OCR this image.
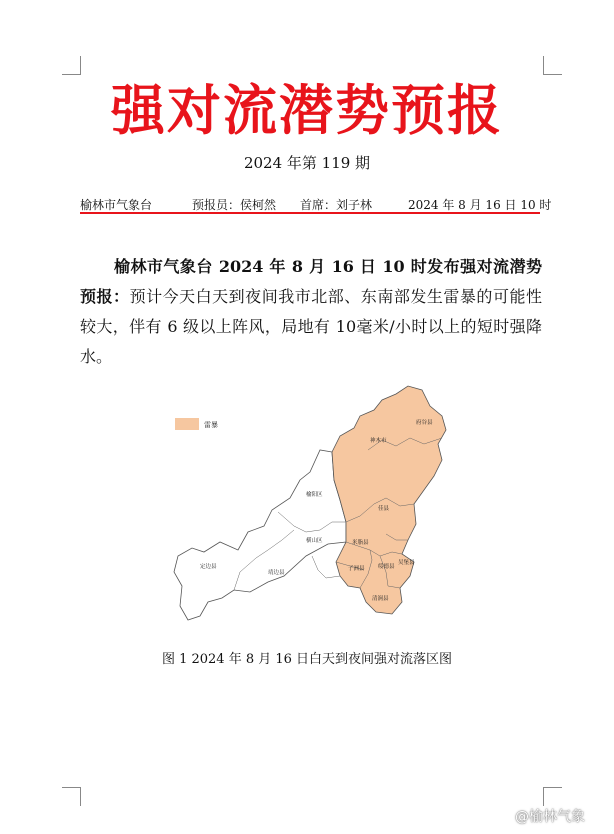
强对流潜势预报
2024 年第 119 期
榆林市气象台	预报员：侯柯然 首席：刘子林	2024 年 8 月 16 日 10 时
榆林市气象台 2024 年 8 月 16 日 10 时发布强对流潜势预报：预计今天白天到夜间我市北部、东南部发生雷暴的可能性较大，伴有 6 级以上阵风，局地有 10毫米/小时以上的短时强降水。
雷暴	府谷县
神木市
榆阳区
佳县
横山区	米脂县
定边县
靖边县
吴堡县
绥德县
子洲县
清涧县
图 1 2024 年 8 月 16 日白天到夜间强对流落区图
@榆林气象
